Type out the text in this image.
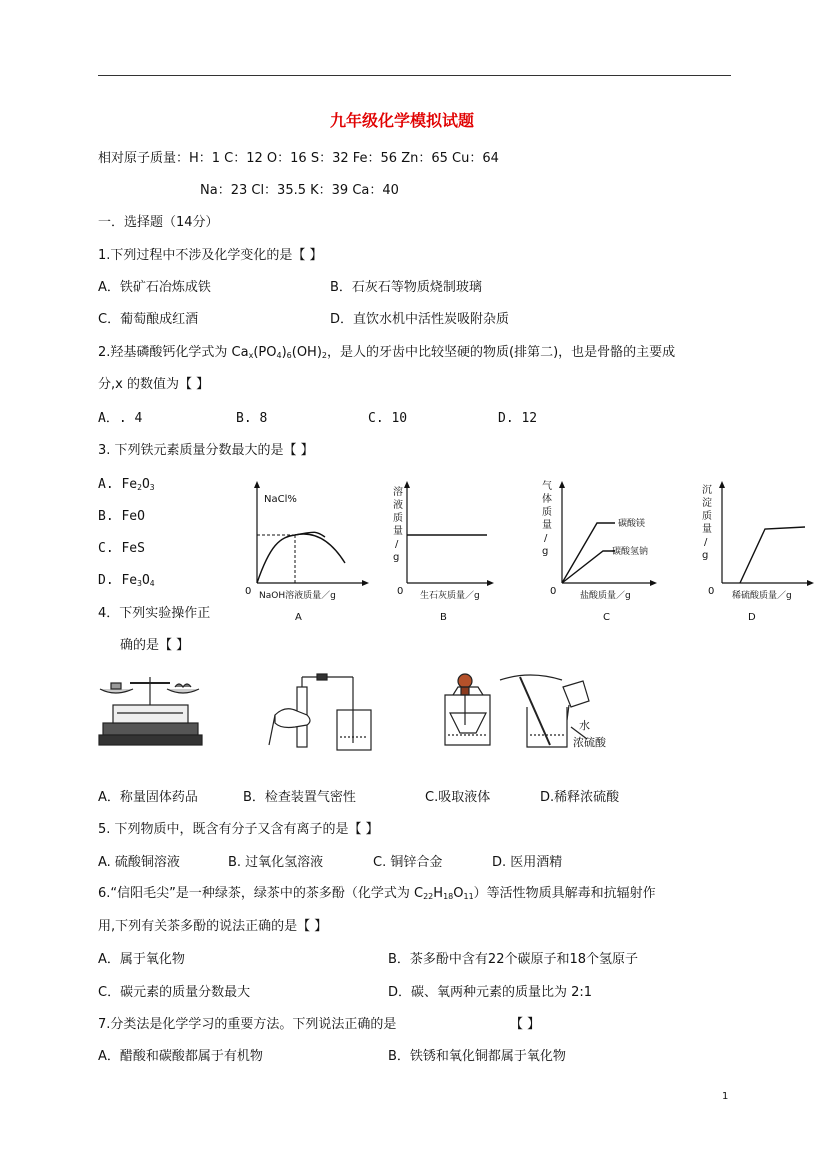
九年级化学模拟试题
相对原子质量：H：1 C：12 O：16 S：32 Fe：56 Zn：65 Cu：64
Na：23 Cl：35.5 K：39 Ca：40
一．选择题（14分）
1.下列过程中不涉及化学变化的是【 】
A．铁矿石冶炼成铁	B．石灰石等物质烧制玻璃
C．葡萄酿成红酒	D．直饮水机中活性炭吸附杂质
2.羟基磷酸钙化学式为 $Ca_x(PO_4)_6(OH)_2$，是人的牙齿中比较坚硬的物质(排第二)，也是骨骼的主要成
分,x 的数值为【 】
A．. 4	B. 8	C. 10	D. 12
3. 下列铁元素质量分数最大的是【 】
A. $Fe_2O_3$
B. FeO
C. FeS
D. $Fe_3O_4$
NaCl%
0 NaOH溶液质量／g
A
溶
液
质
量
/
g
0 生石灰质量／g
B
碳酸镁
碳酸氢钠
气
体
质
量
/
g
0	盐酸质量／g
C
沉
淀
质
量
/
g
0 稀硫酸质量／g
D
4．下列实验操作正
确的是【 】
水
浓硫酸
A．称量固体药品	B．检查装置气密性	C.吸取液体	D.稀释浓硫酸
5. 下列物质中，既含有分子又含有离子的是【 】
A. 硫酸铜溶液	B. 过氧化氢溶液	C. 铜锌合金	D. 医用酒精
6.“信阳毛尖”是一种绿茶，绿茶中的茶多酚（化学式为 $C_{22}H_{18}O_{11}$）等活性物质具解毒和抗辐射作
用,下列有关茶多酚的说法正确的是【 】
A．属于氧化物	B．茶多酚中含有22个碳原子和18个氢原子
C．碳元素的质量分数最大	D．碳、氧两种元素的质量比为 2:1
7.分类法是化学学习的重要方法。下列说法正确的是	【 】
A．醋酸和碳酸都属于有机物	B．铁锈和氧化铜都属于氧化物
1
